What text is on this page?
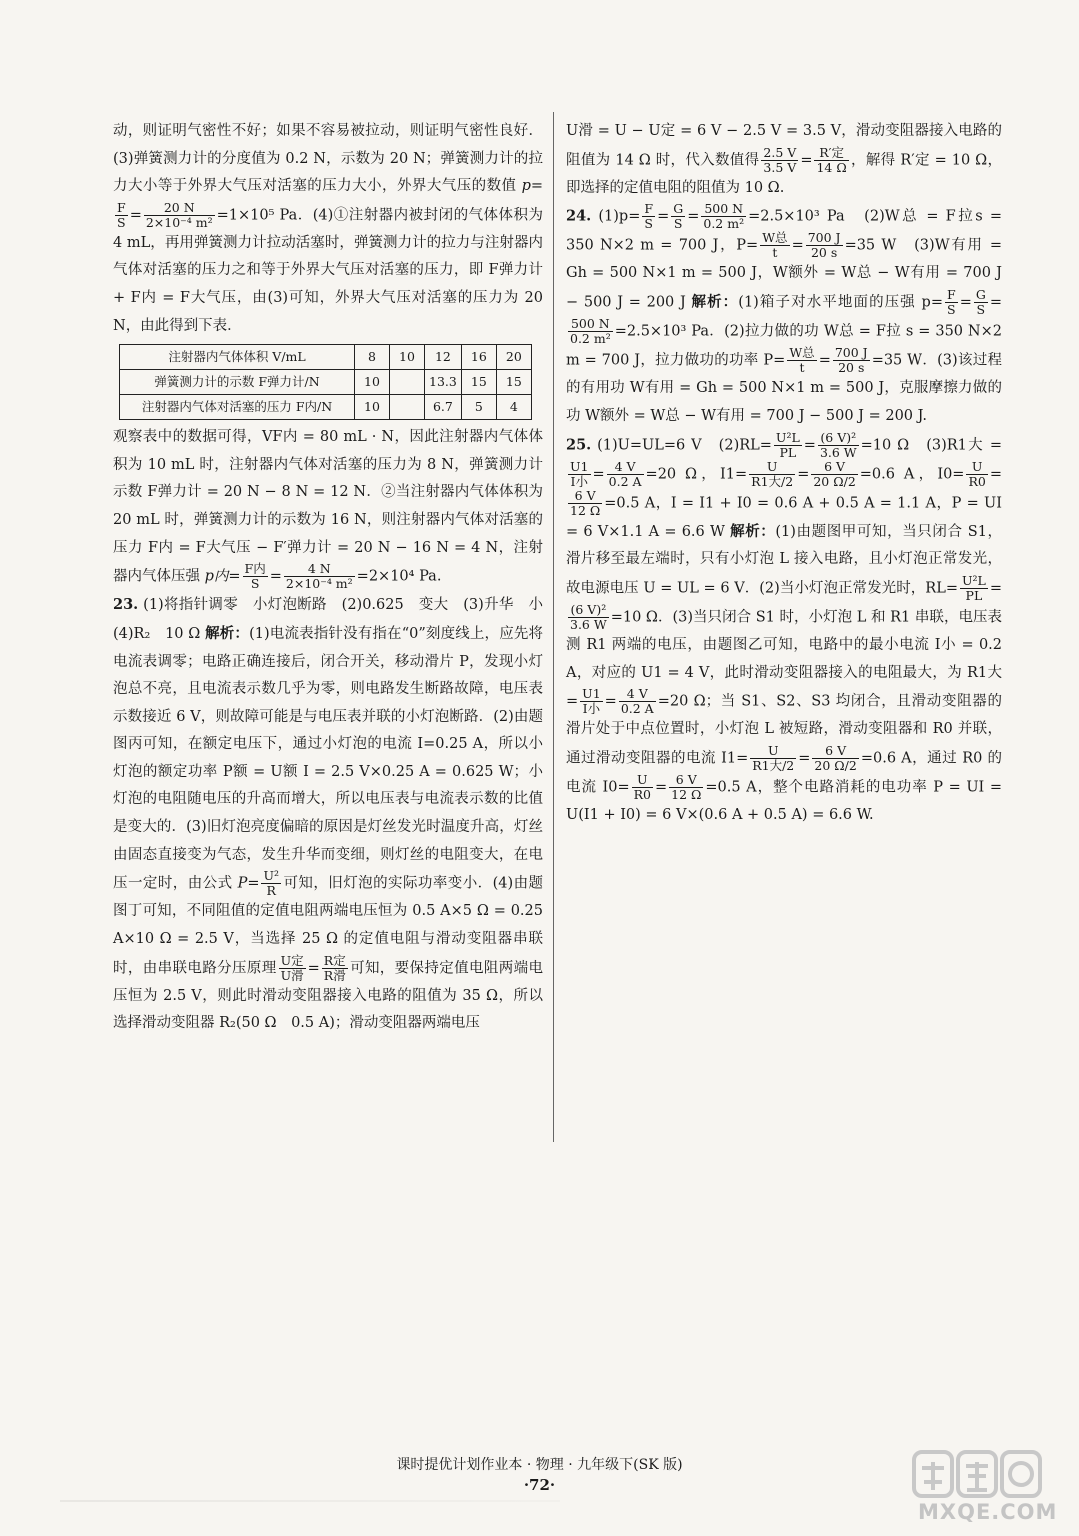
动，则证明气密性不好；如果不容易被拉动，则证明气密性良好．(3)弹簧测力计的分度值为 0.2 N，示数为 20 N；弹簧测力计的拉力大小等于外界大气压对活塞的压力大小，外界大气压的数值 p=
$\frac{F}{S} = \frac{20 N}{\text{2×10⁻⁴ m²}} =1\times 10^5$ Pa．(4)①注射器内被封闭的气体体积为 4 mL，再用弹簧测力计拉动活塞时，弹簧测力计的拉力与注射器内气体对活塞的压力之和等于外界大气压对活塞的压力，即 F弹力计 + F内 = F大气压，由(3)可知，外界大气压对活塞的压力为 20 N，由此得到下表．

注射器内气体体积 V/mL	8	10	12	16	20
弹簧测力计的示数 F弹力计/N	10		13.3	15	15
注射器内气体对活塞的压力 F内/N	10		6.7	5	4

观察表中的数据可得，VF内 = 80 mL · N，因此注射器内气体体积为 10 mL 时，注射器内气体对活塞的压力为 8 N，弹簧测力计示数 F弹力计 = 20 N − 8 N = 12 N．②当注射器内气体体积为 20 mL 时，弹簧测力计的示数为 16 N，则注射器内气体对活塞的压力 F内 = F大气压 − F′弹力计 = 20 N − 16 N = 4 N，注射器内气体压强 p内= $\frac{\text{F内}}{S} = \frac{4 N}{\text{2×10⁻⁴ m²}} =2\times 10^4$ Pa.

23. (1)将指针调零　小灯泡断路　(2)0.625　变大　(3)升华　小　(4)R₂　10 Ω 解析：(1)电流表指针没有指在“0”刻度线上，应先将电流表调零；电路正确连接后，闭合开关，移动滑片 P，发现小灯泡总不亮，且电流表示数几乎为零，则电路发生断路故障，电压表示数接近 6 V，则故障可能是与电压表并联的小灯泡断路．(2)由题图丙可知，在额定电压下，通过小灯泡的电流 I=0.25 A，所以小灯泡的额定功率 P额 = U额 I = 2.5 V×0.25 A = 0.625 W；小灯泡的电阻随电压的升高而增大，所以电压表与电流表示数的比值是变大的．(3)旧灯泡亮度偏暗的原因是灯丝发光时温度升高，灯丝由固态直接变为气态，发生升华而变细，则灯丝的电阻变大，在电压一定时，由公式 $P= \frac{\text{U²}}{R}$ 可知，旧灯泡的实际功率变小．(4)由题图丁可知，不同阻值的定值电阻两端电压恒为 0.5 A×5 Ω = 0.25 A×10 Ω = 2.5 V，当选择 25 Ω 的定值电阻与滑动变阻器串联时，由串联电路分压原理 $\frac{\text{U定}}{\text{U滑}} = \frac{\text{R定}}{\text{R滑}}$ 可知，要保持定值电阻两端电压恒为 2.5 V，则此时滑动变阻器接入电路的阻值为 35 Ω，所以选择滑动变阻器 R₂(50 Ω　0.5 A)；滑动变阻器两端电压

U滑 = U − U定 = 6 V − 2.5 V = 3.5 V，滑动变阻器接入电路的阻值为 14 Ω 时，代入数值得 $\frac{2.5 V}{3.5 V} = \frac{\text{R′定}}{14 \Omega}$ ，解得 R′定 = 10 Ω，即选择的定值电阻的阻值为 10 Ω.

24. $(1)p= \frac{F}{S} = \frac{G}{S} = \frac{500 N}{\text{0.2 m²}} =2.5\times 10^3$ Pa　(2)W总 = F拉s = 350 N×2 m = 700 J，$P= \frac{\text{W总}}{t} = \frac{700 J}{20 s} =35$ W　(3)W有用 = Gh = 500 N×1 m = 500 J，W额外 = W总 − W有用 = 700 J − 500 J = 200 J 解析：(1)箱子对水平地面的压强 $p= \frac{F}{S} = \frac{G}{S}$ =
$\frac{500 N}{\text{0.2 m²}} =2.5\times 10^3$ Pa．(2)拉力做的功 W总 = F拉 s = 350 N×2 m = 700 J，拉力做功的功率 $P= \frac{\text{W总}}{t} = \frac{700 J}{20 s} =35$ W．(3)该过程的有用功 W有用 = Gh = 500 N×1 m = 500 J，克服摩擦力做的功 W额外 = W总 − W有用 = 700 J − 500 J = 200 J.

25. (1)U=UL=6 V　$(2)RL= \frac{\text{U²L}}{PL} = \frac{\text{(6 V)²}}{3.6 W} =10$ Ω　(3)R1大 =
$\frac{U1}{\text{I小}} = \frac{4 V}{0.2 A} =20$ Ω，$I1= \frac{U}{\text{R1大/2}} = \frac{6 V}{20 \Omega/2} =0.6$ A，$I0= \frac{U}{R0}$ =
$\frac{6 V}{12 \Omega} =0.5$ A，I = I1 + I0 = 0.6 A + 0.5 A = 1.1 A，P = UI = 6 V×1.1 A = 6.6 W 解析：(1)由题图甲可知，当只闭合 S1，滑片移至最左端时，只有小灯泡 L 接入电路，且小灯泡正常发光，故电源电压 U = UL = 6 V．(2)当小灯泡正常发光时，$RL= \frac{\text{U²L}}{PL}$ =
$\frac{\text{(6 V)²}}{3.6 W} =10$ Ω．(3)当只闭合 S1 时，小灯泡 L 和 R1 串联，电压表测 R1 两端的电压，由题图乙可知，电路中的最小电流 I小 = 0.2 A，对应的 U1 = 4 V，此时滑动变阻器接入的电阻最大，为 R1大 = $\frac{U1}{\text{I小}} = \frac{4 V}{0.2 A} =20$ Ω；当 S1、S2、S3 均闭合，且滑动变阻器的滑片处于中点位置时，小灯泡 L 被短路，滑动变阻器和 R0 并联，通过滑动变阻器的电流 $I1= \frac{U}{\text{R1大/2}} = \frac{6 V}{20 \Omega/2} =0.6$ A，通过 R0 的电流 $I0= \frac{U}{R0} = \frac{6 V}{12 \Omega} =0.5$ A，整个电路消耗的电功率 P = UI = U(I1 + I0) = 6 V×(0.6 A + 0.5 A) = 6.6 W.

课时提优计划作业本 · 物理 · 九年级下(SK 版)
·72·
MXQE.COM
